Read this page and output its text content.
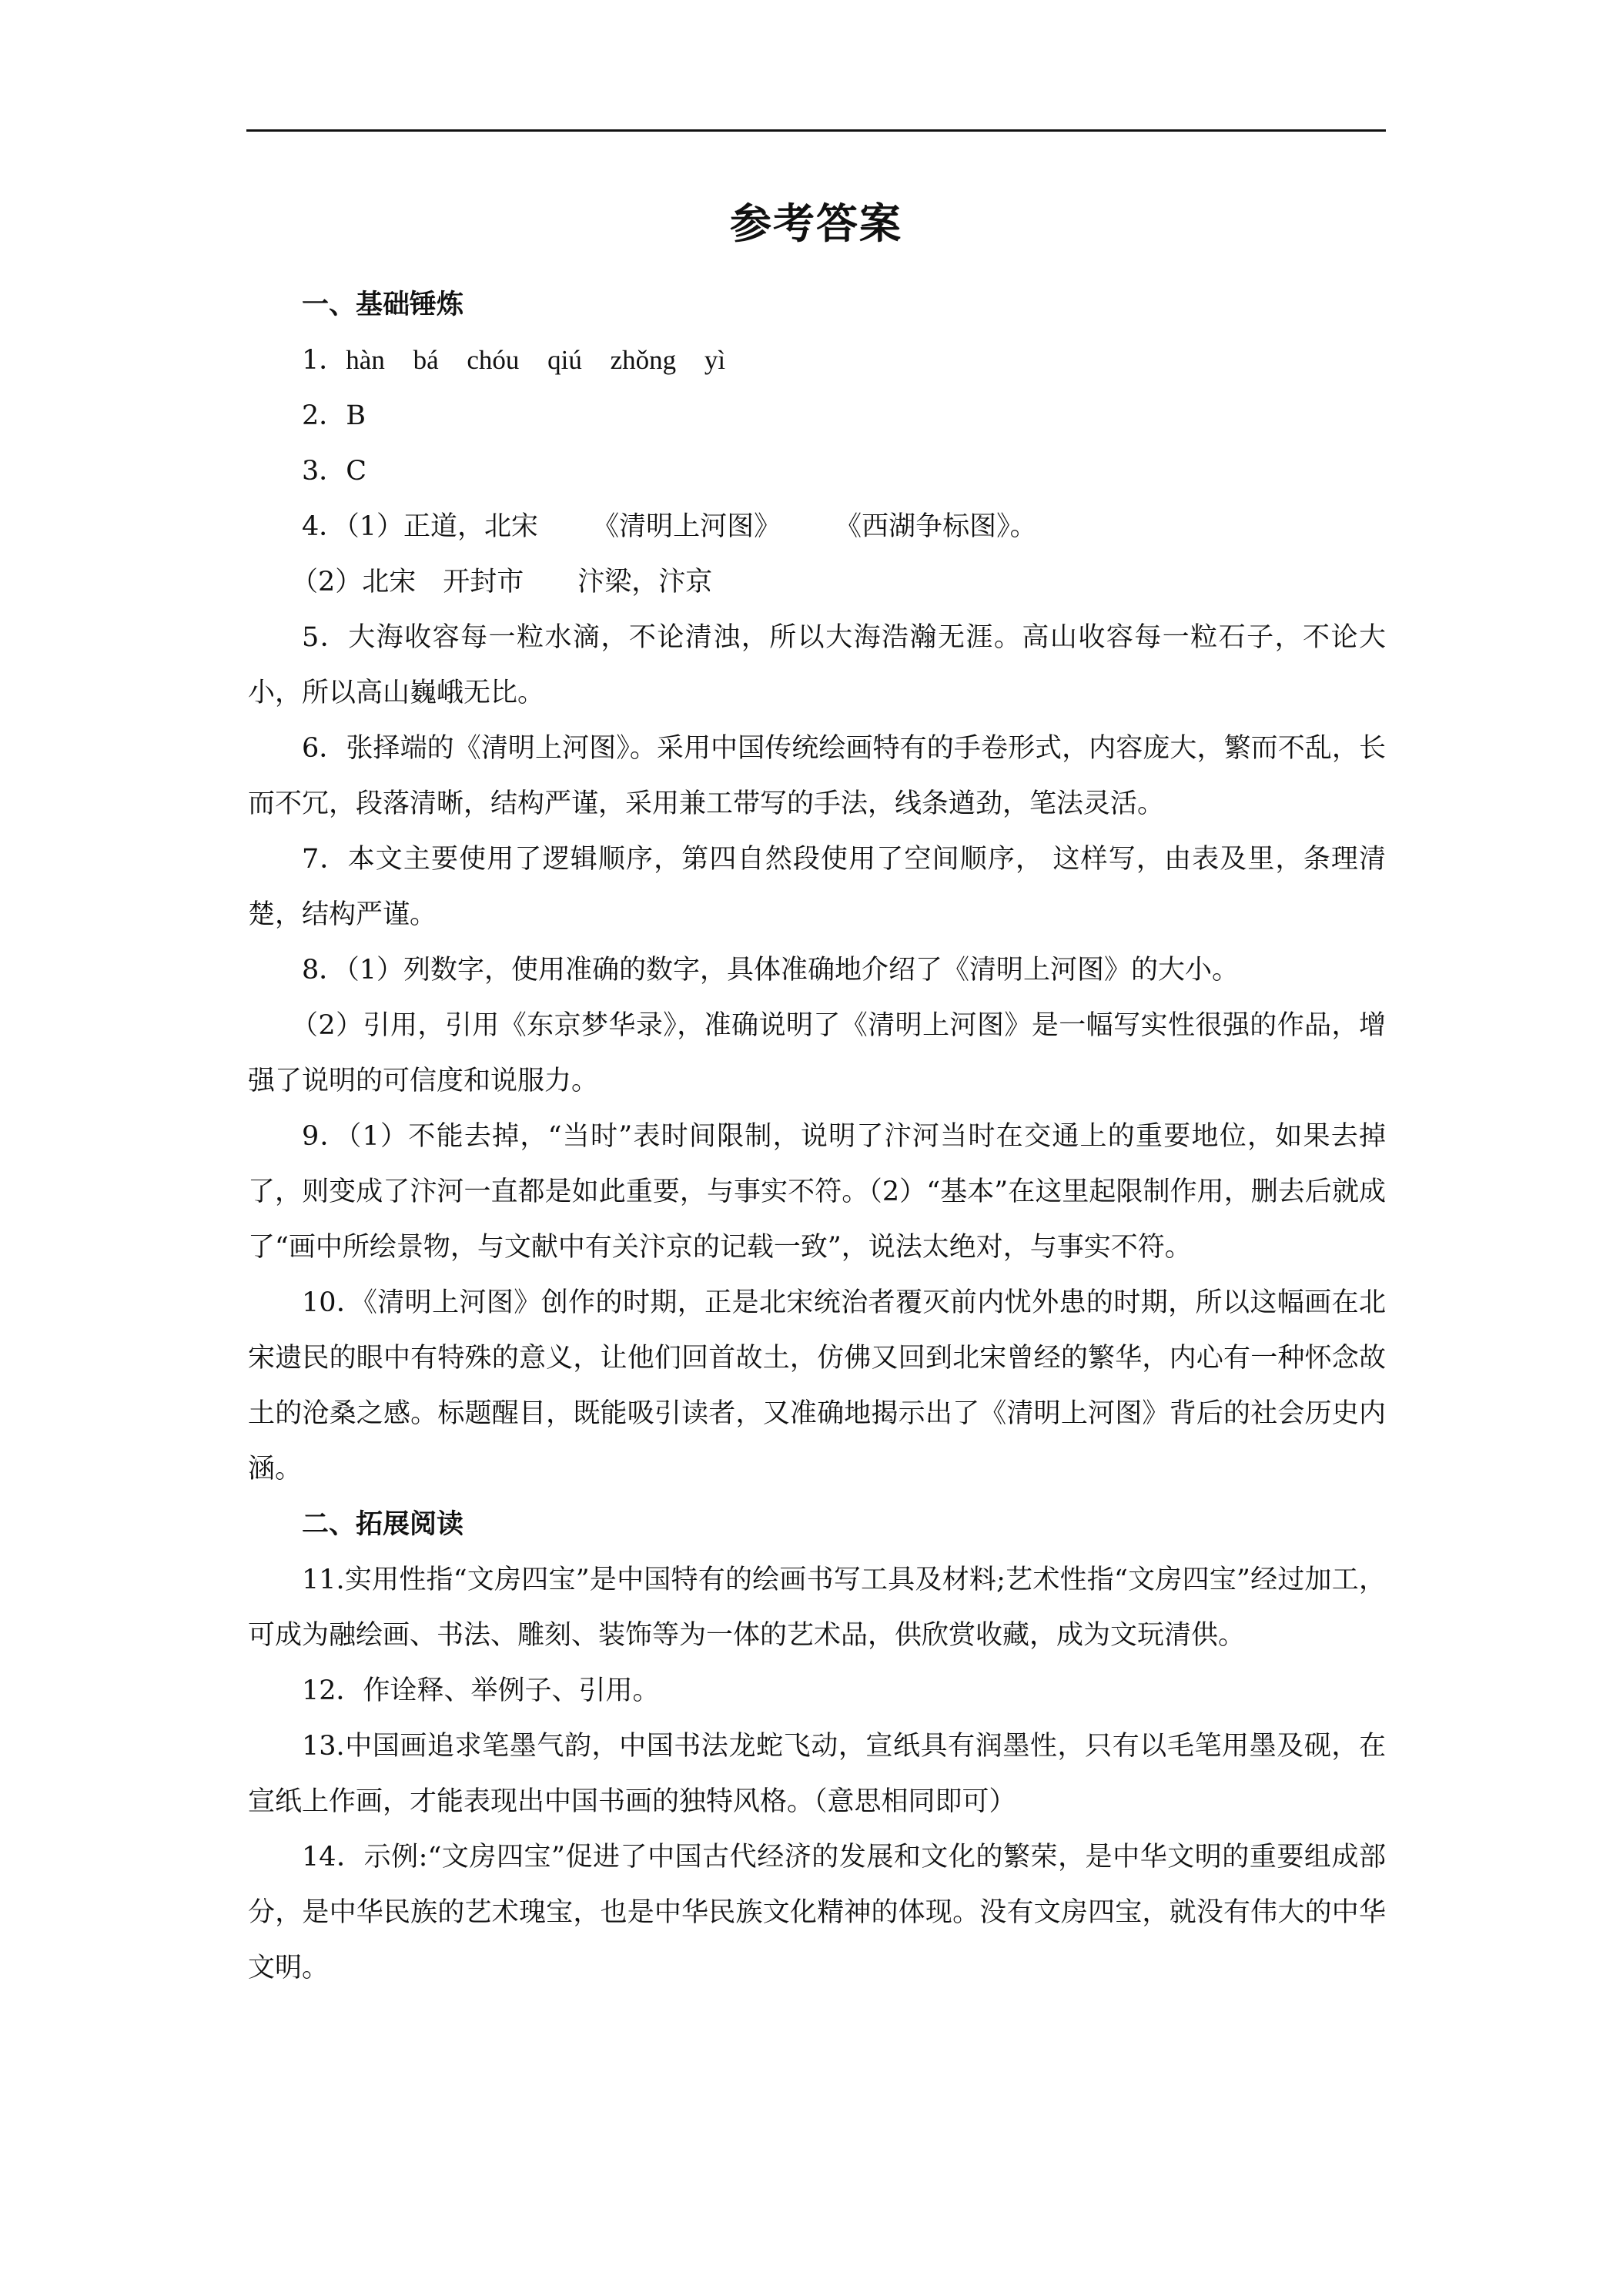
参考答案

一、基础锤炼

1．hàn bá chóu qiú zhǒng yì

2．B

3．C

4．（1）正道，北宋 《清明上河图》 《西湖争标图》。

（2）北宋　开封市 汴梁，汴京

5．大海收容每一粒水滴，不论清浊，所以大海浩瀚无涯。高山收容每一粒石子，不论大小，所以高山巍峨无比。

6．张择端的《清明上河图》。采用中国传统绘画特有的手卷形式，内容庞大，繁而不乱，长而不冗，段落清晰，结构严谨，采用兼工带写的手法，线条遒劲，笔法灵活。

7．本文主要使用了逻辑顺序，第四自然段使用了空间顺序， 这样写，由表及里，条理清楚，结构严谨。

8．（1）列数字，使用准确的数字，具体准确地介绍了《清明上河图》的大小。

（2）引用，引用《东京梦华录》，准确说明了《清明上河图》是一幅写实性很强的作品，增强了说明的可信度和说服力。

9．（1）不能去掉，“当时”表时间限制，说明了汴河当时在交通上的重要地位，如果去掉了，则变成了汴河一直都是如此重要，与事实不符。（2）“基本”在这里起限制作用，删去后就成了“画中所绘景物，与文献中有关汴京的记载一致”，说法太绝对，与事实不符。

10．《清明上河图》创作的时期，正是北宋统治者覆灭前内忧外患的时期，所以这幅画在北宋遗民的眼中有特殊的意义，让他们回首故土，仿佛又回到北宋曾经的繁华，内心有一种怀念故土的沧桑之感。标题醒目，既能吸引读者，又准确地揭示出了《清明上河图》背后的社会历史内涵。

二、拓展阅读

11.实用性指“文房四宝”是中国特有的绘画书写工具及材料;艺术性指“文房四宝”经过加工，可成为融绘画、书法、雕刻、装饰等为一体的艺术品，供欣赏收藏，成为文玩清供。

12．作诠释、举例子、引用。

13.中国画追求笔墨气韵，中国书法龙蛇飞动，宣纸具有润墨性，只有以毛笔用墨及砚，在宣纸上作画，才能表现出中国书画的独特风格。（意思相同即可）

14．示例:“文房四宝”促进了中国古代经济的发展和文化的繁荣，是中华文明的重要组成部分，是中华民族的艺术瑰宝，也是中华民族文化精神的体现。没有文房四宝，就没有伟大的中华文明。
